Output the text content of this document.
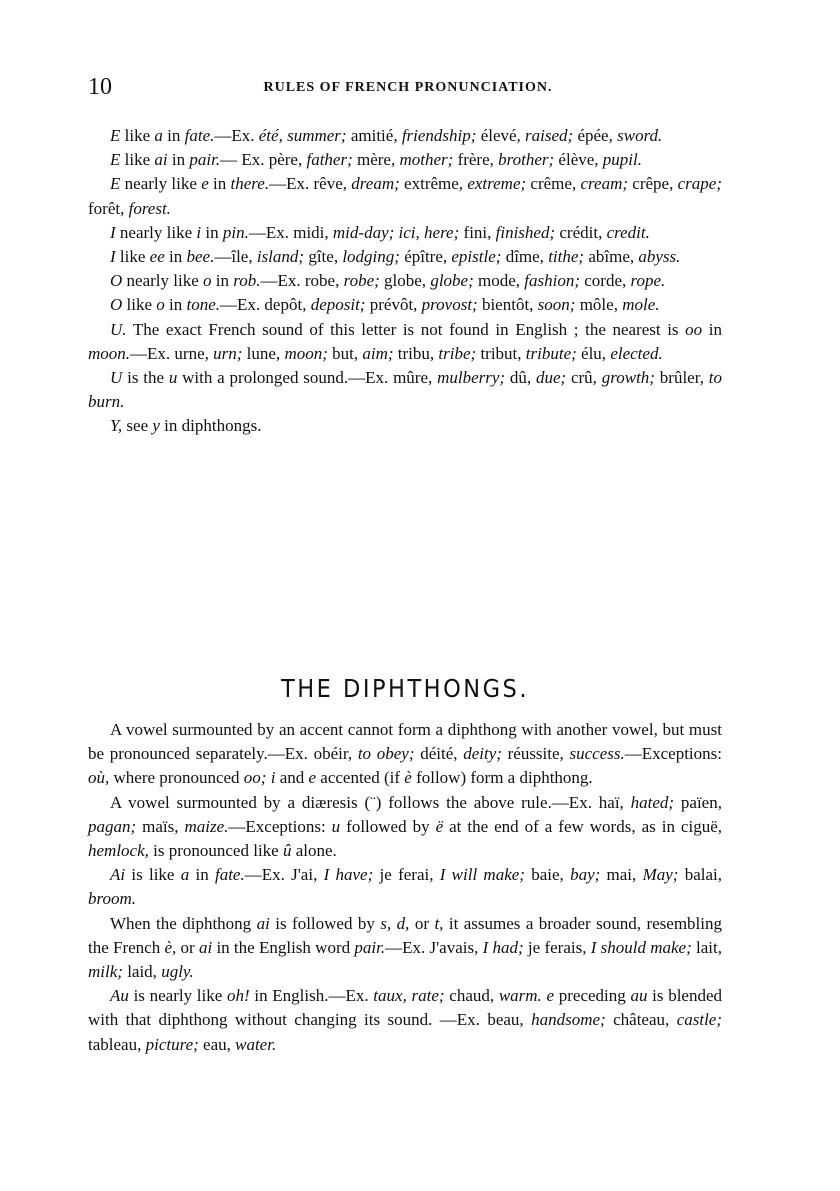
10	RULES OF FRENCH PRONUNCIATION.

E like a in fate.—Ex. été, summer; amitié, friendship; élevé, raised; épée, sword.

E like ai in pair.— Ex. père, father; mère, mother; frère, brother; élève, pupil.

E nearly like e in there.—Ex. rêve, dream; extrême, extreme; crême, cream; crêpe, crape; forêt, forest.

I nearly like i in pin.—Ex. midi, mid-day; ici, here; fini, finished; crédit, credit.

I like ee in bee.—île, island; gîte, lodging; épître, epistle; dîme, tithe; abîme, abyss.

O nearly like o in rob.—Ex. robe, robe; globe, globe; mode, fashion; corde, rope.

O like o in tone.—Ex. depôt, deposit; prévôt, provost; bientôt, soon; môle, mole.

U. The exact French sound of this letter is not found in English ; the nearest is oo in moon.—Ex. urne, urn; lune, moon; but, aim; tribu, tribe; tribut, tribute; élu, elected.

U is the u with a prolonged sound.—Ex. mûre, mulberry; dû, due; crû, growth; brûler, to burn.

Y, see y in diphthongs.

THE DIPHTHONGS.

A vowel surmounted by an accent cannot form a diphthong with another vowel, but must be pronounced separately.—Ex. obéir, to obey; déité, deity; réussite, success.—Exceptions: où, where pronounced oo; i and e accented (if è follow) form a diphthong.

A vowel surmounted by a diæresis (¨) follows the above rule.—Ex. haï, hated; païen, pagan; maïs, maize.—Exceptions: u followed by ë at the end of a few words, as in ciguë, hemlock, is pronounced like û alone.

Ai is like a in fate.—Ex. J'ai, I have; je ferai, I will make; baie, bay; mai, May; balai, broom.

When the diphthong ai is followed by s, d, or t, it assumes a broader sound, resembling the French è, or ai in the English word pair.—Ex. J'avais, I had; je ferais, I should make; lait, milk; laid, ugly.

Au is nearly like oh! in English.—Ex. taux, rate; chaud, warm. e preceding au is blended with that diphthong without changing its sound. —Ex. beau, handsome; château, castle; tableau, picture; eau, water.
